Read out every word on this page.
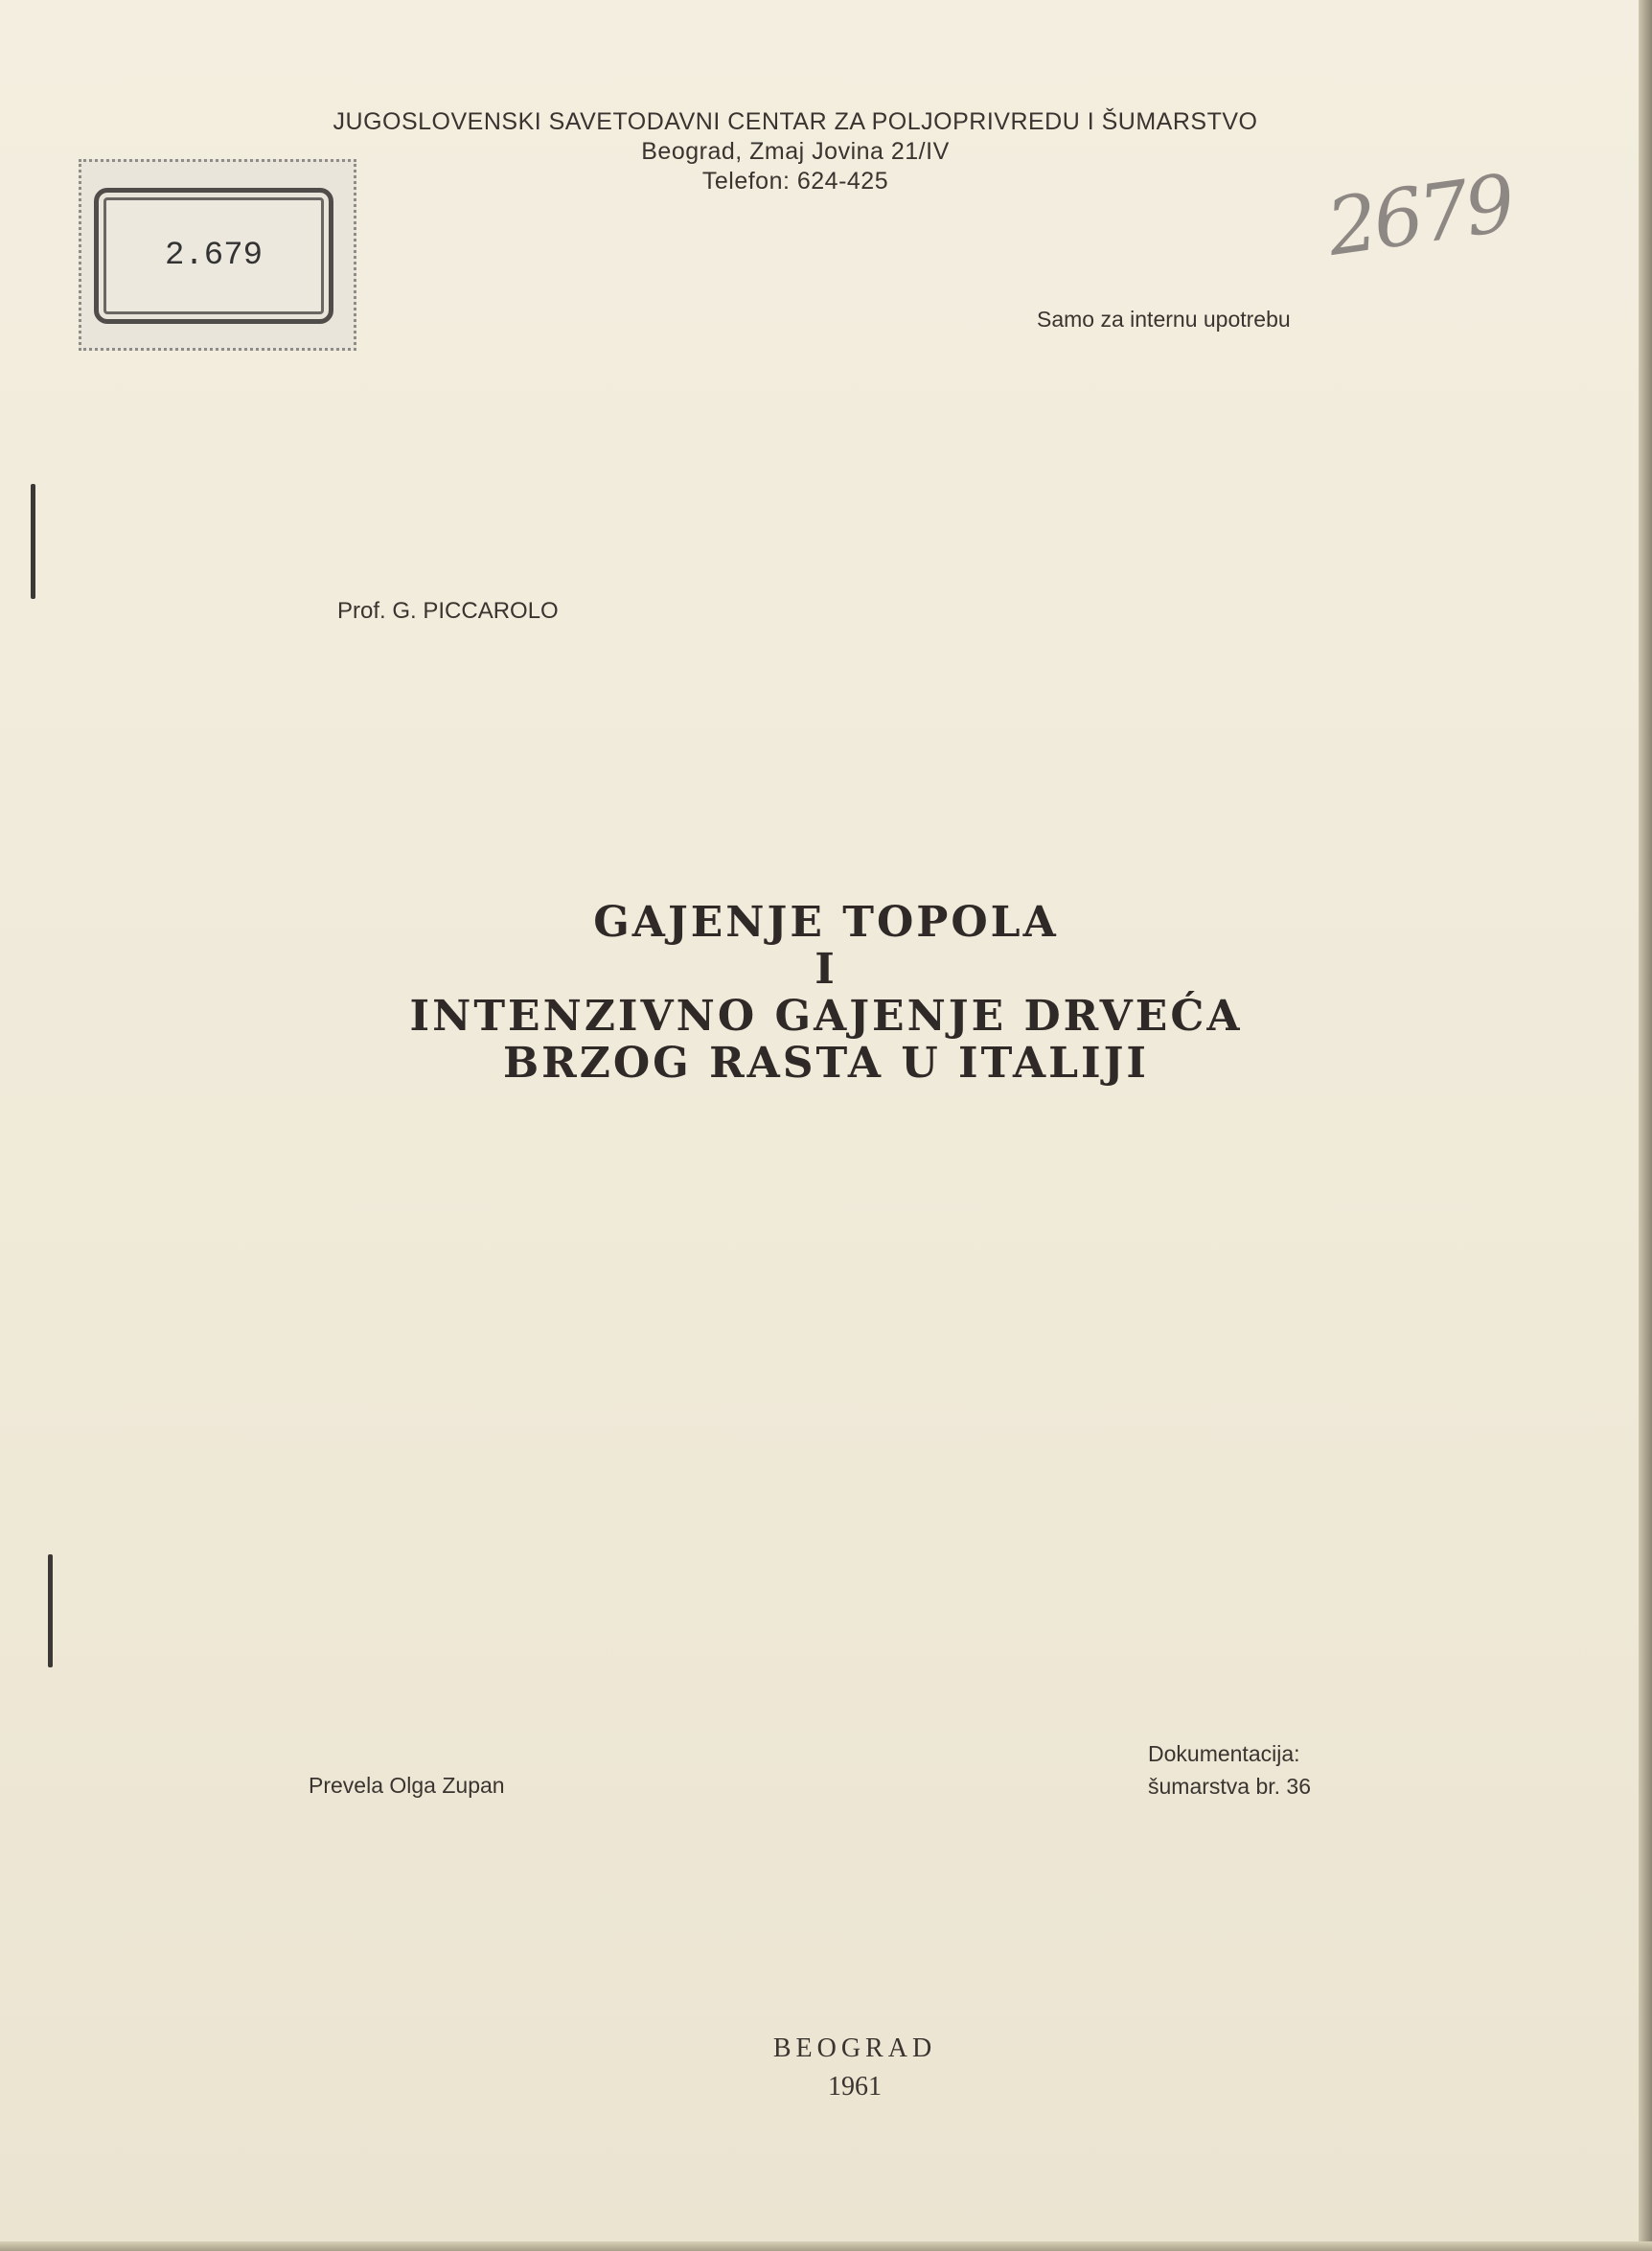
JUGOSLOVENSKI SAVETODAVNI CENTAR ZA POLJOPRIVREDU I ŠUMARSTVO
Beograd, Zmaj Jovina 21/IV
Telefon: 624-425
2.679	2679
Samo za internu upotrebu
Prof. G. PICCAROLO
GAJENJE TOPOLA
I
INTENZIVNO GAJENJE DRVEĆA
BRZOG RASTA U ITALIJI
Prevela Olga Zupan
Dokumentacija:
šumarstva br. 36
BEOGRAD
1961
